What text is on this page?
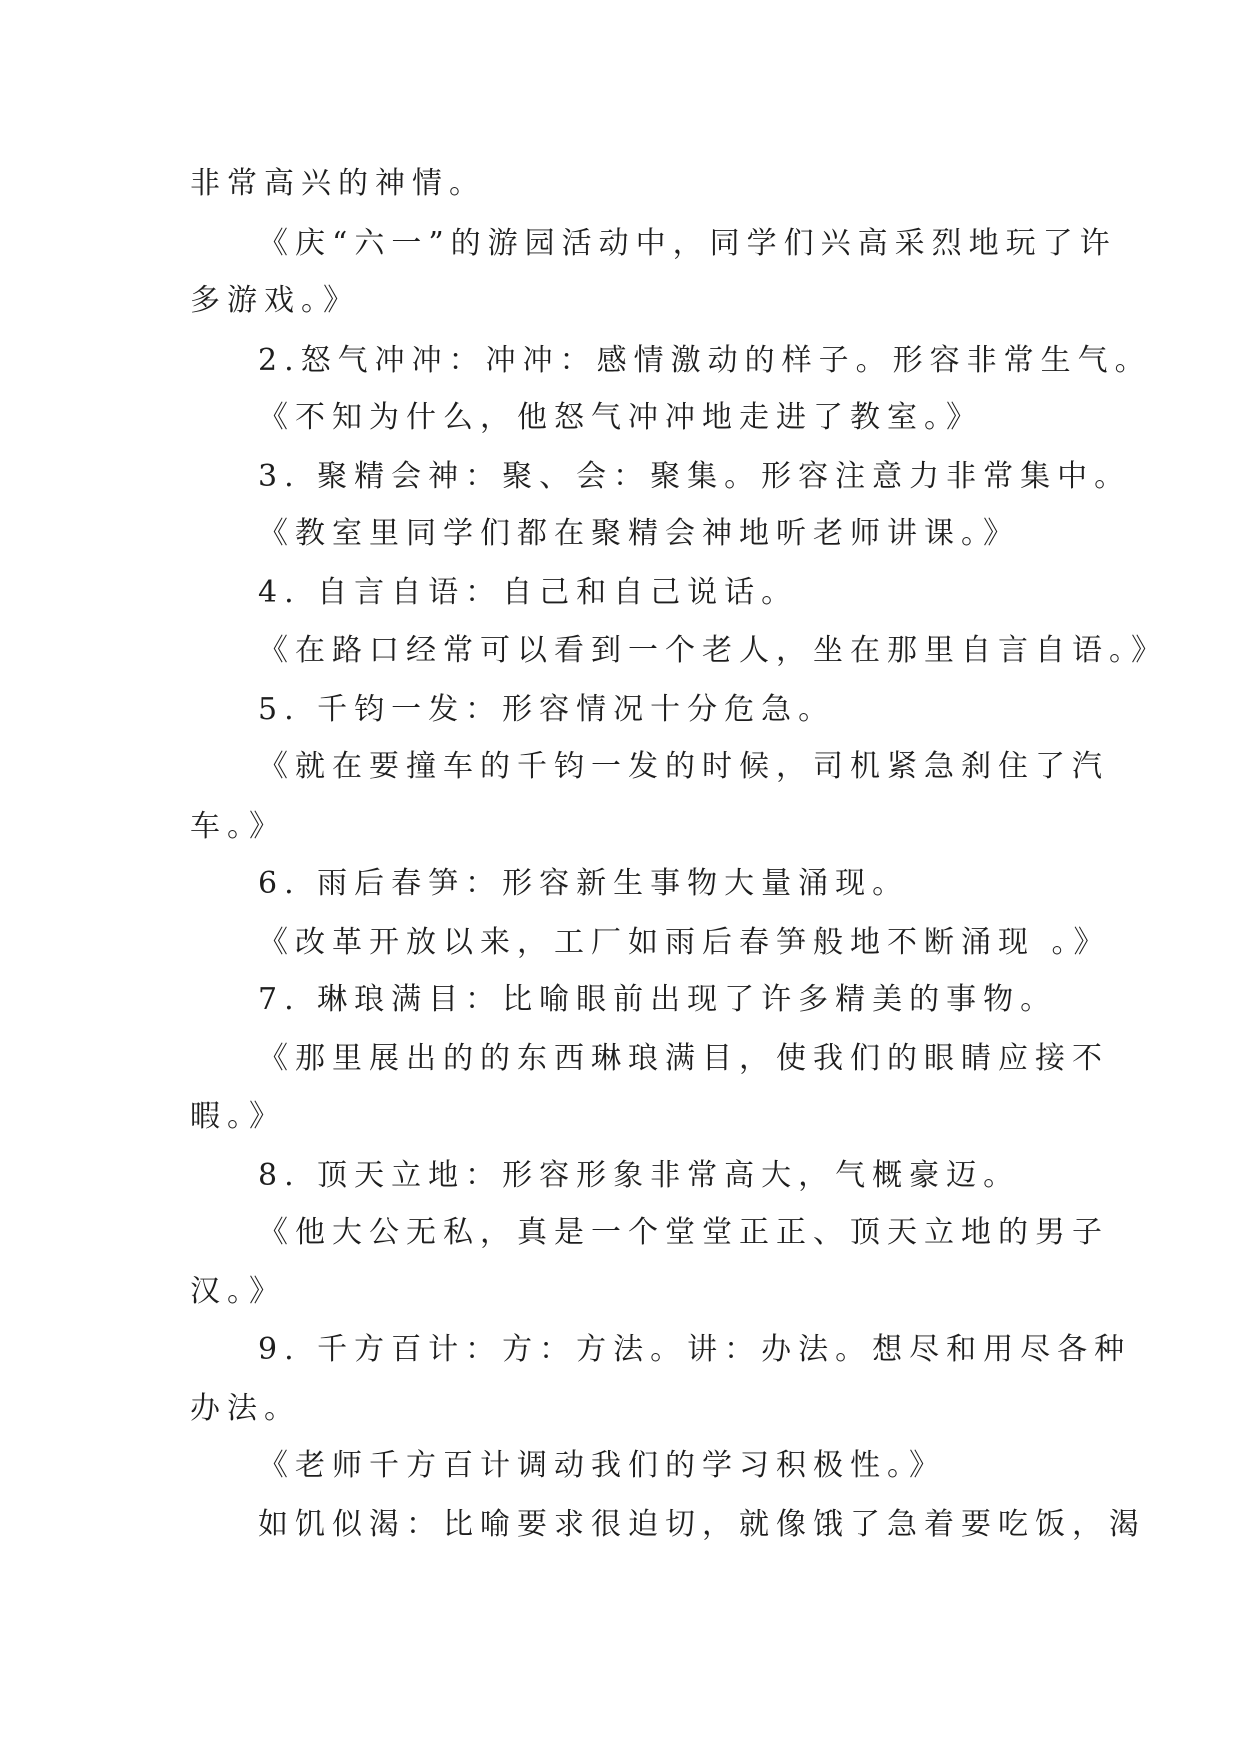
非常高兴的神情。
《庆“六一”的游园活动中，同学们兴高采烈地玩了许
多游戏。》
2.怒气冲冲：冲冲：感情激动的样子。形容非常生气。
《不知为什么，他怒气冲冲地走进了教室。》
3. 聚精会神：聚、会：聚集。形容注意力非常集中。
《教室里同学们都在聚精会神地听老师讲课。》
4. 自言自语：自己和自己说话。
《在路口经常可以看到一个老人，坐在那里自言自语。》
5. 千钧一发：形容情况十分危急。
《就在要撞车的千钧一发的时候，司机紧急刹住了汽
车。》
6. 雨后春笋：形容新生事物大量涌现。
《改革开放以来，工厂如雨后春笋般地不断涌现 。》
7. 琳琅满目：比喻眼前出现了许多精美的事物。
《那里展出的的东西琳琅满目，使我们的眼睛应接不
暇。》
8. 顶天立地：形容形象非常高大，气概豪迈。
《他大公无私，真是一个堂堂正正、顶天立地的男子
汉。》
9. 千方百计：方：方法。讲：办法。想尽和用尽各种
办法。
《老师千方百计调动我们的学习积极性。》
如饥似渴：比喻要求很迫切，就像饿了急着要吃饭，渴
